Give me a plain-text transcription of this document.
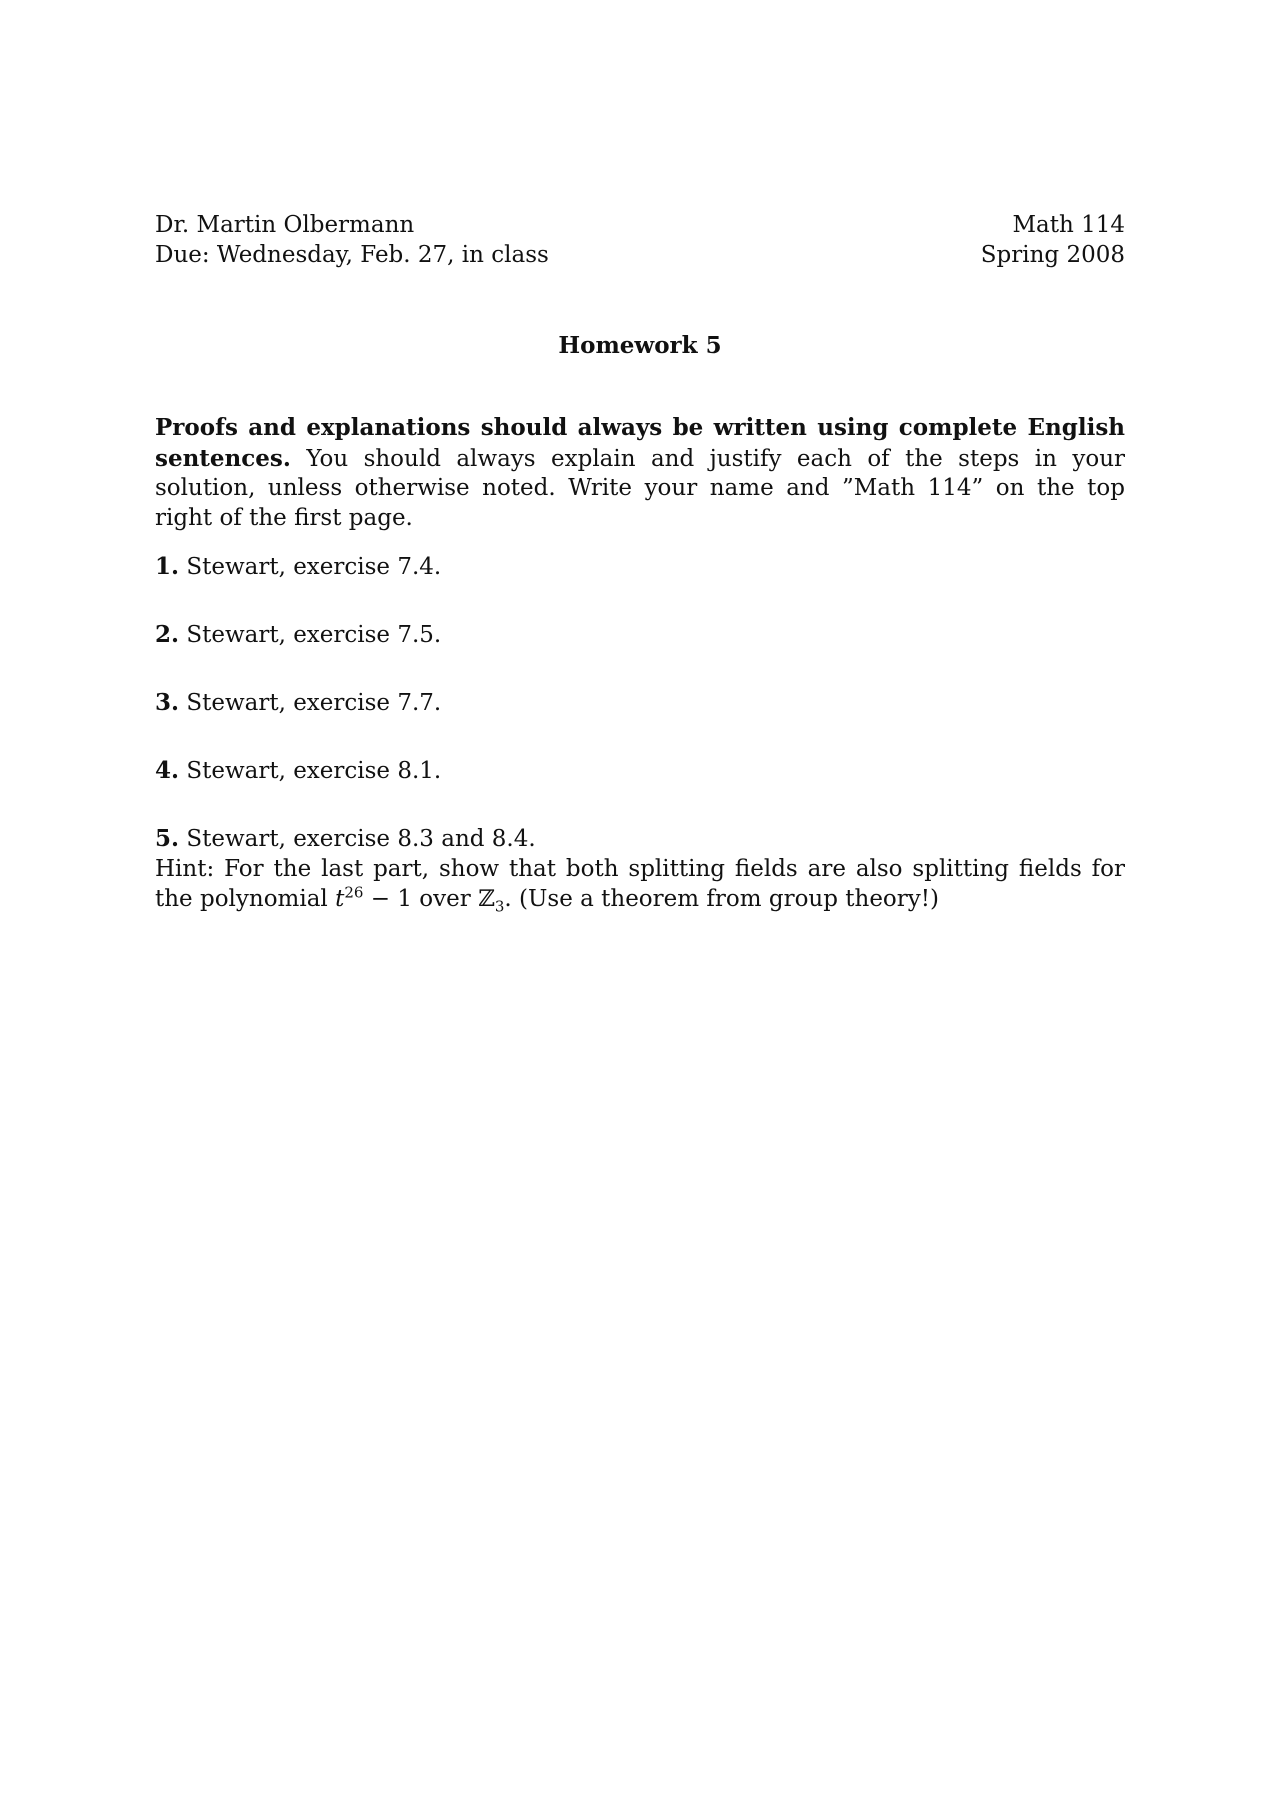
Dr. Martin Olbermann
Due: Wednesday, Feb. 27, in class
Math 114
Spring 2008
Homework 5
Proofs and explanations should always be written using complete English sentences. You should always explain and justify each of the steps in your solution, unless otherwise noted. Write your name and ”Math 114” on the top right of the first page.
1. Stewart, exercise 7.4.
2. Stewart, exercise 7.5.
3. Stewart, exercise 7.7.
4. Stewart, exercise 8.1.
5. Stewart, exercise 8.3 and 8.4.
Hint: For the last part, show that both splitting fields are also splitting fields for the polynomial $t^{26} - 1$ over ℤ$_3$. (Use a theorem from group theory!)
